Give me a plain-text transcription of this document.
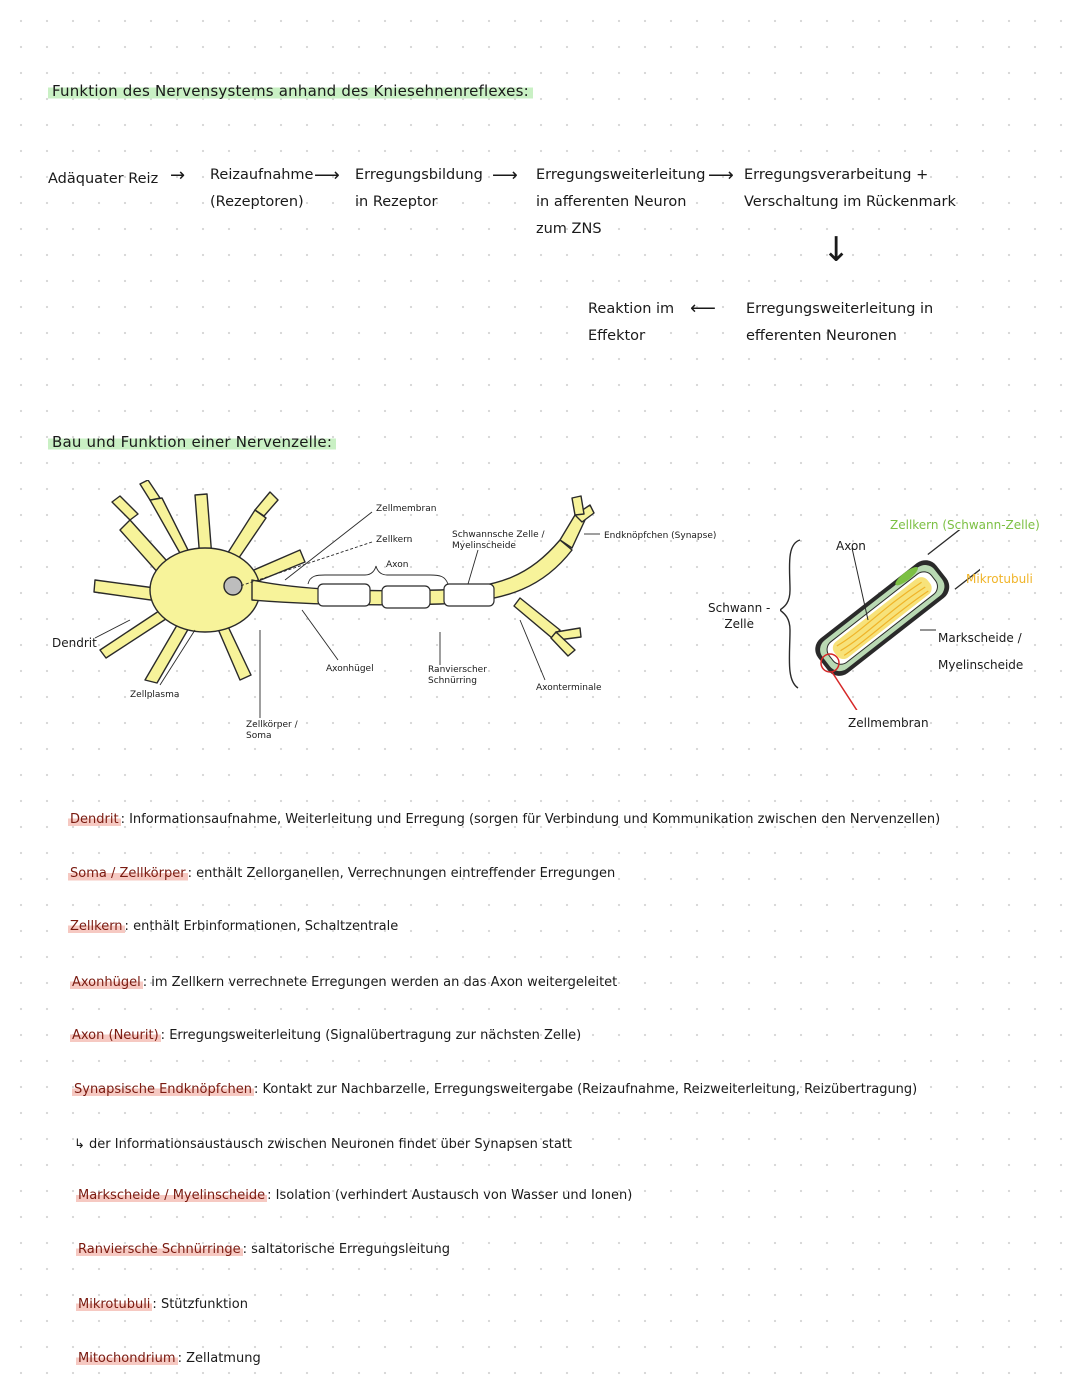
Funktion des Nervensystems anhand des Kniesehnenreflexes:
Adäquater Reiz → Reizaufnahme
(Rezeptoren)
⟶ Erregungsbildung
in Rezeptor
⟶ Erregungsweiterleitung
in afferenten Neuron
zum ZNS
⟶ Erregungsverarbeitung +
Verschaltung im Rückenmark
↓
Erregungsweiterleitung in
efferenten Neuronen
⟵
Reaktion im
Effektor
Bau und Funktion einer Nervenzelle:
Zellmembran
Zellkern
Axon
Schwannsche Zelle /
Myelinscheide
Endknöpfchen (Synapse)
Dendrit
Zellplasma
Axonhügel	Ranvierscher
Schnürring
Axonterminale
Zellkörper /
Soma
Zellkern (Schwann-Zelle)
Axon
Mikrotubuli
Schwann -
Zelle
Markscheide /
Myelinscheide
Zellmembran
Dendrit : Informationsaufnahme, Weiterleitung und Erregung (sorgen für Verbindung und Kommunikation zwischen den Nervenzellen)
Soma / Zellkörper : enthält Zellorganellen, Verrechnungen eintreffender Erregungen
Zellkern : enthält Erbinformationen, Schaltzentrale
Axonhügel : im Zellkern verrechnete Erregungen werden an das Axon weitergeleitet
Axon (Neurit) : Erregungsweiterleitung (Signalübertragung zur nächsten Zelle)
Synapsische Endknöpfchen : Kontakt zur Nachbarzelle, Erregungsweitergabe (Reizaufnahme, Reizweiterleitung, Reizübertragung)
↳ der Informationsaustausch zwischen Neuronen findet über Synapsen statt
Markscheide / Myelinscheide : Isolation (verhindert Austausch von Wasser und Ionen)
Ranviersche Schnürringe : saltatorische Erregungsleitung
Mikrotubuli : Stützfunktion
Mitochondrium : Zellatmung
